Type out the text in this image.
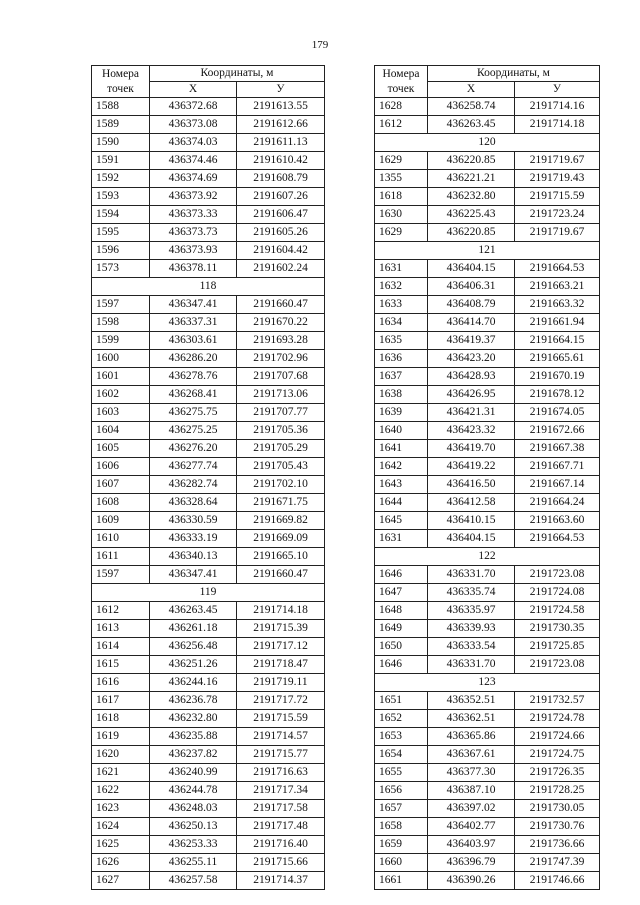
179
Номера точек	Координаты, м	
	X	У
1588	436372.68	2191613.55
1589	436373.08	2191612.66
1590	436374.03	2191611.13
1591	436374.46	2191610.42
1592	436374.69	2191608.79
1593	436373.92	2191607.26
1594	436373.33	2191606.47
1595	436373.73	2191605.26
1596	436373.93	2191604.42
1573	436378.11	2191602.24
118		
1597	436347.41	2191660.47
1598	436337.31	2191670.22
1599	436303.61	2191693.28
1600	436286.20	2191702.96
1601	436278.76	2191707.68
1602	436268.41	2191713.06
1603	436275.75	2191707.77
1604	436275.25	2191705.36
1605	436276.20	2191705.29
1606	436277.74	2191705.43
1607	436282.74	2191702.10
1608	436328.64	2191671.75
1609	436330.59	2191669.82
1610	436333.19	2191669.09
1611	436340.13	2191665.10
1597	436347.41	2191660.47
119		
1612	436263.45	2191714.18
1613	436261.18	2191715.39
1614	436256.48	2191717.12
1615	436251.26	2191718.47
1616	436244.16	2191719.11
1617	436236.78	2191717.72
1618	436232.80	2191715.59
1619	436235.88	2191714.57
1620	436237.82	2191715.77
1621	436240.99	2191716.63
1622	436244.78	2191717.34
1623	436248.03	2191717.58
1624	436250.13	2191717.48
1625	436253.33	2191716.40
1626	436255.11	2191715.66
1627	436257.58	2191714.37
Номера точек	Координаты, м	
	X	У
1628	436258.74	2191714.16
1612	436263.45	2191714.18
120		
1629	436220.85	2191719.67
1355	436221.21	2191719.43
1618	436232.80	2191715.59
1630	436225.43	2191723.24
1629	436220.85	2191719.67
121		
1631	436404.15	2191664.53
1632	436406.31	2191663.21
1633	436408.79	2191663.32
1634	436414.70	2191661.94
1635	436419.37	2191664.15
1636	436423.20	2191665.61
1637	436428.93	2191670.19
1638	436426.95	2191678.12
1639	436421.31	2191674.05
1640	436423.32	2191672.66
1641	436419.70	2191667.38
1642	436419.22	2191667.71
1643	436416.50	2191667.14
1644	436412.58	2191664.24
1645	436410.15	2191663.60
1631	436404.15	2191664.53
122		
1646	436331.70	2191723.08
1647	436335.74	2191724.08
1648	436335.97	2191724.58
1649	436339.93	2191730.35
1650	436333.54	2191725.85
1646	436331.70	2191723.08
123		
1651	436352.51	2191732.57
1652	436362.51	2191724.78
1653	436365.86	2191724.66
1654	436367.61	2191724.75
1655	436377.30	2191726.35
1656	436387.10	2191728.25
1657	436397.02	2191730.05
1658	436402.77	2191730.76
1659	436403.97	2191736.66
1660	436396.79	2191747.39
1661	436390.26	2191746.66
